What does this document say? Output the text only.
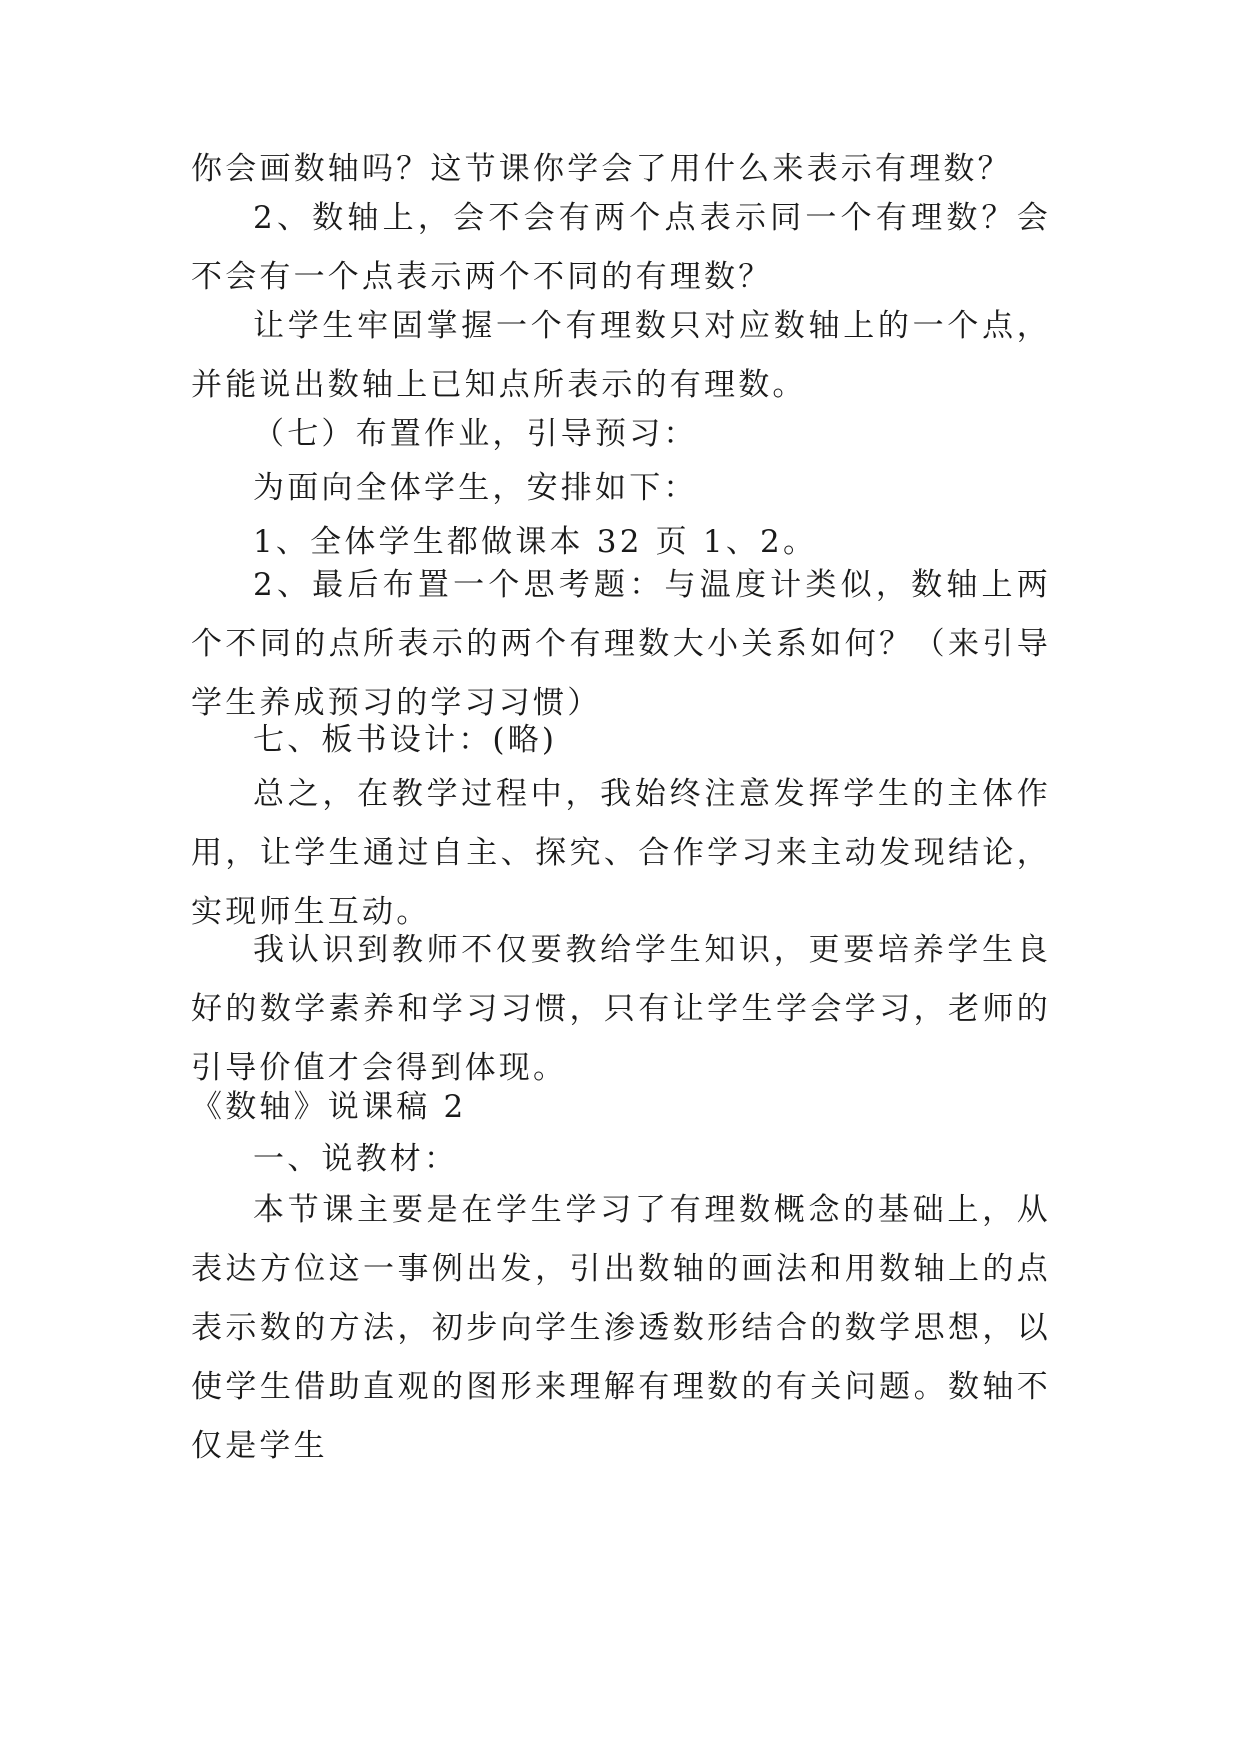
你会画数轴吗？这节课你学会了用什么来表示有理数？

2、数轴上，会不会有两个点表示同一个有理数？会不会有一个点表示两个不同的有理数？

让学生牢固掌握一个有理数只对应数轴上的一个点，并能说出数轴上已知点所表示的有理数。

（七）布置作业，引导预习：

为面向全体学生，安排如下：

1、全体学生都做课本 32 页 1、2。

2、最后布置一个思考题：与温度计类似，数轴上两个不同的点所表示的两个有理数大小关系如何？（来引导学生养成预习的学习习惯）

七、板书设计：(略)

总之，在教学过程中，我始终注意发挥学生的主体作用，让学生通过自主、探究、合作学习来主动发现结论，实现师生互动。

我认识到教师不仅要教给学生知识，更要培养学生良好的数学素养和学习习惯，只有让学生学会学习，老师的引导价值才会得到体现。

《数轴》说课稿 2

一、说教材：

本节课主要是在学生学习了有理数概念的基础上，从表达方位这一事例出发，引出数轴的画法和用数轴上的点表示数的方法，初步向学生渗透数形结合的数学思想，以使学生借助直观的图形来理解有理数的有关问题。数轴不仅是学生
